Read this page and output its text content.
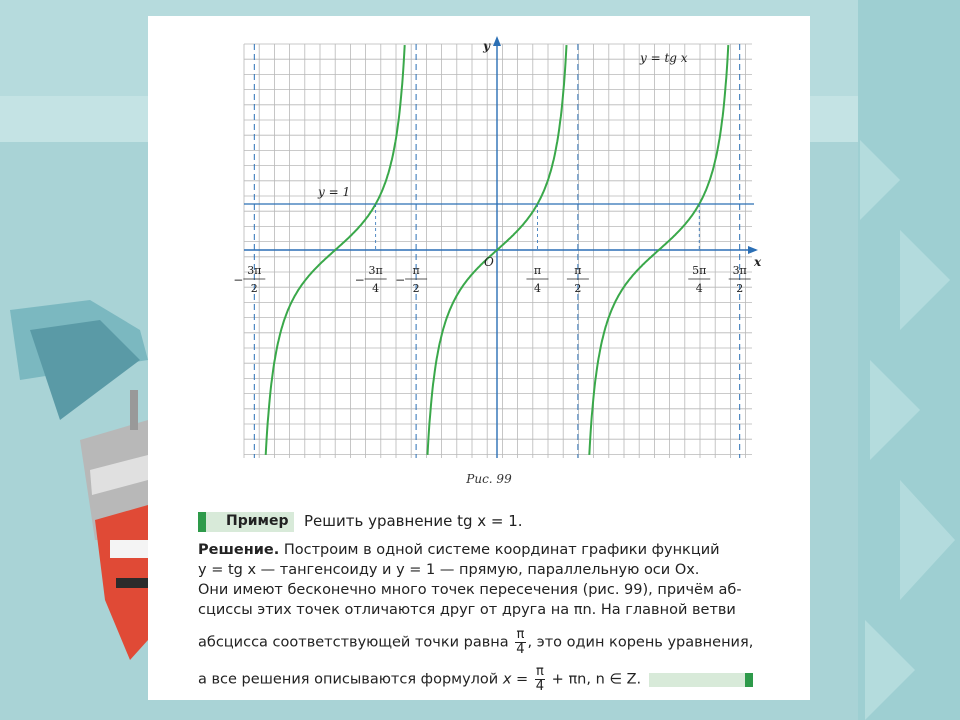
y = tg x
y = 1
x
y
O
−
3π
2
−
3π
4
−
π
2
π
4
π
2
5π
4
3π
2
Рис. 99
Пример Решить уравнение tg x = 1.
Решение. Построим в одной системе координат графики функций
y = tg x — тангенсоиду и y = 1 — прямую, параллельную оси Ox.
Они имеют бесконечно много точек пересечения (рис. 99), причём аб-
сциссы этих точек отличаются друг от друга на πn. На главной ветви
абсцисса соответствующей точки равна $\frac{\pi}{4}$ , это один корень уравнения,
а все решения описываются формулой $x = \frac{\pi}{4} + \pi n$, n ∈ Z.
